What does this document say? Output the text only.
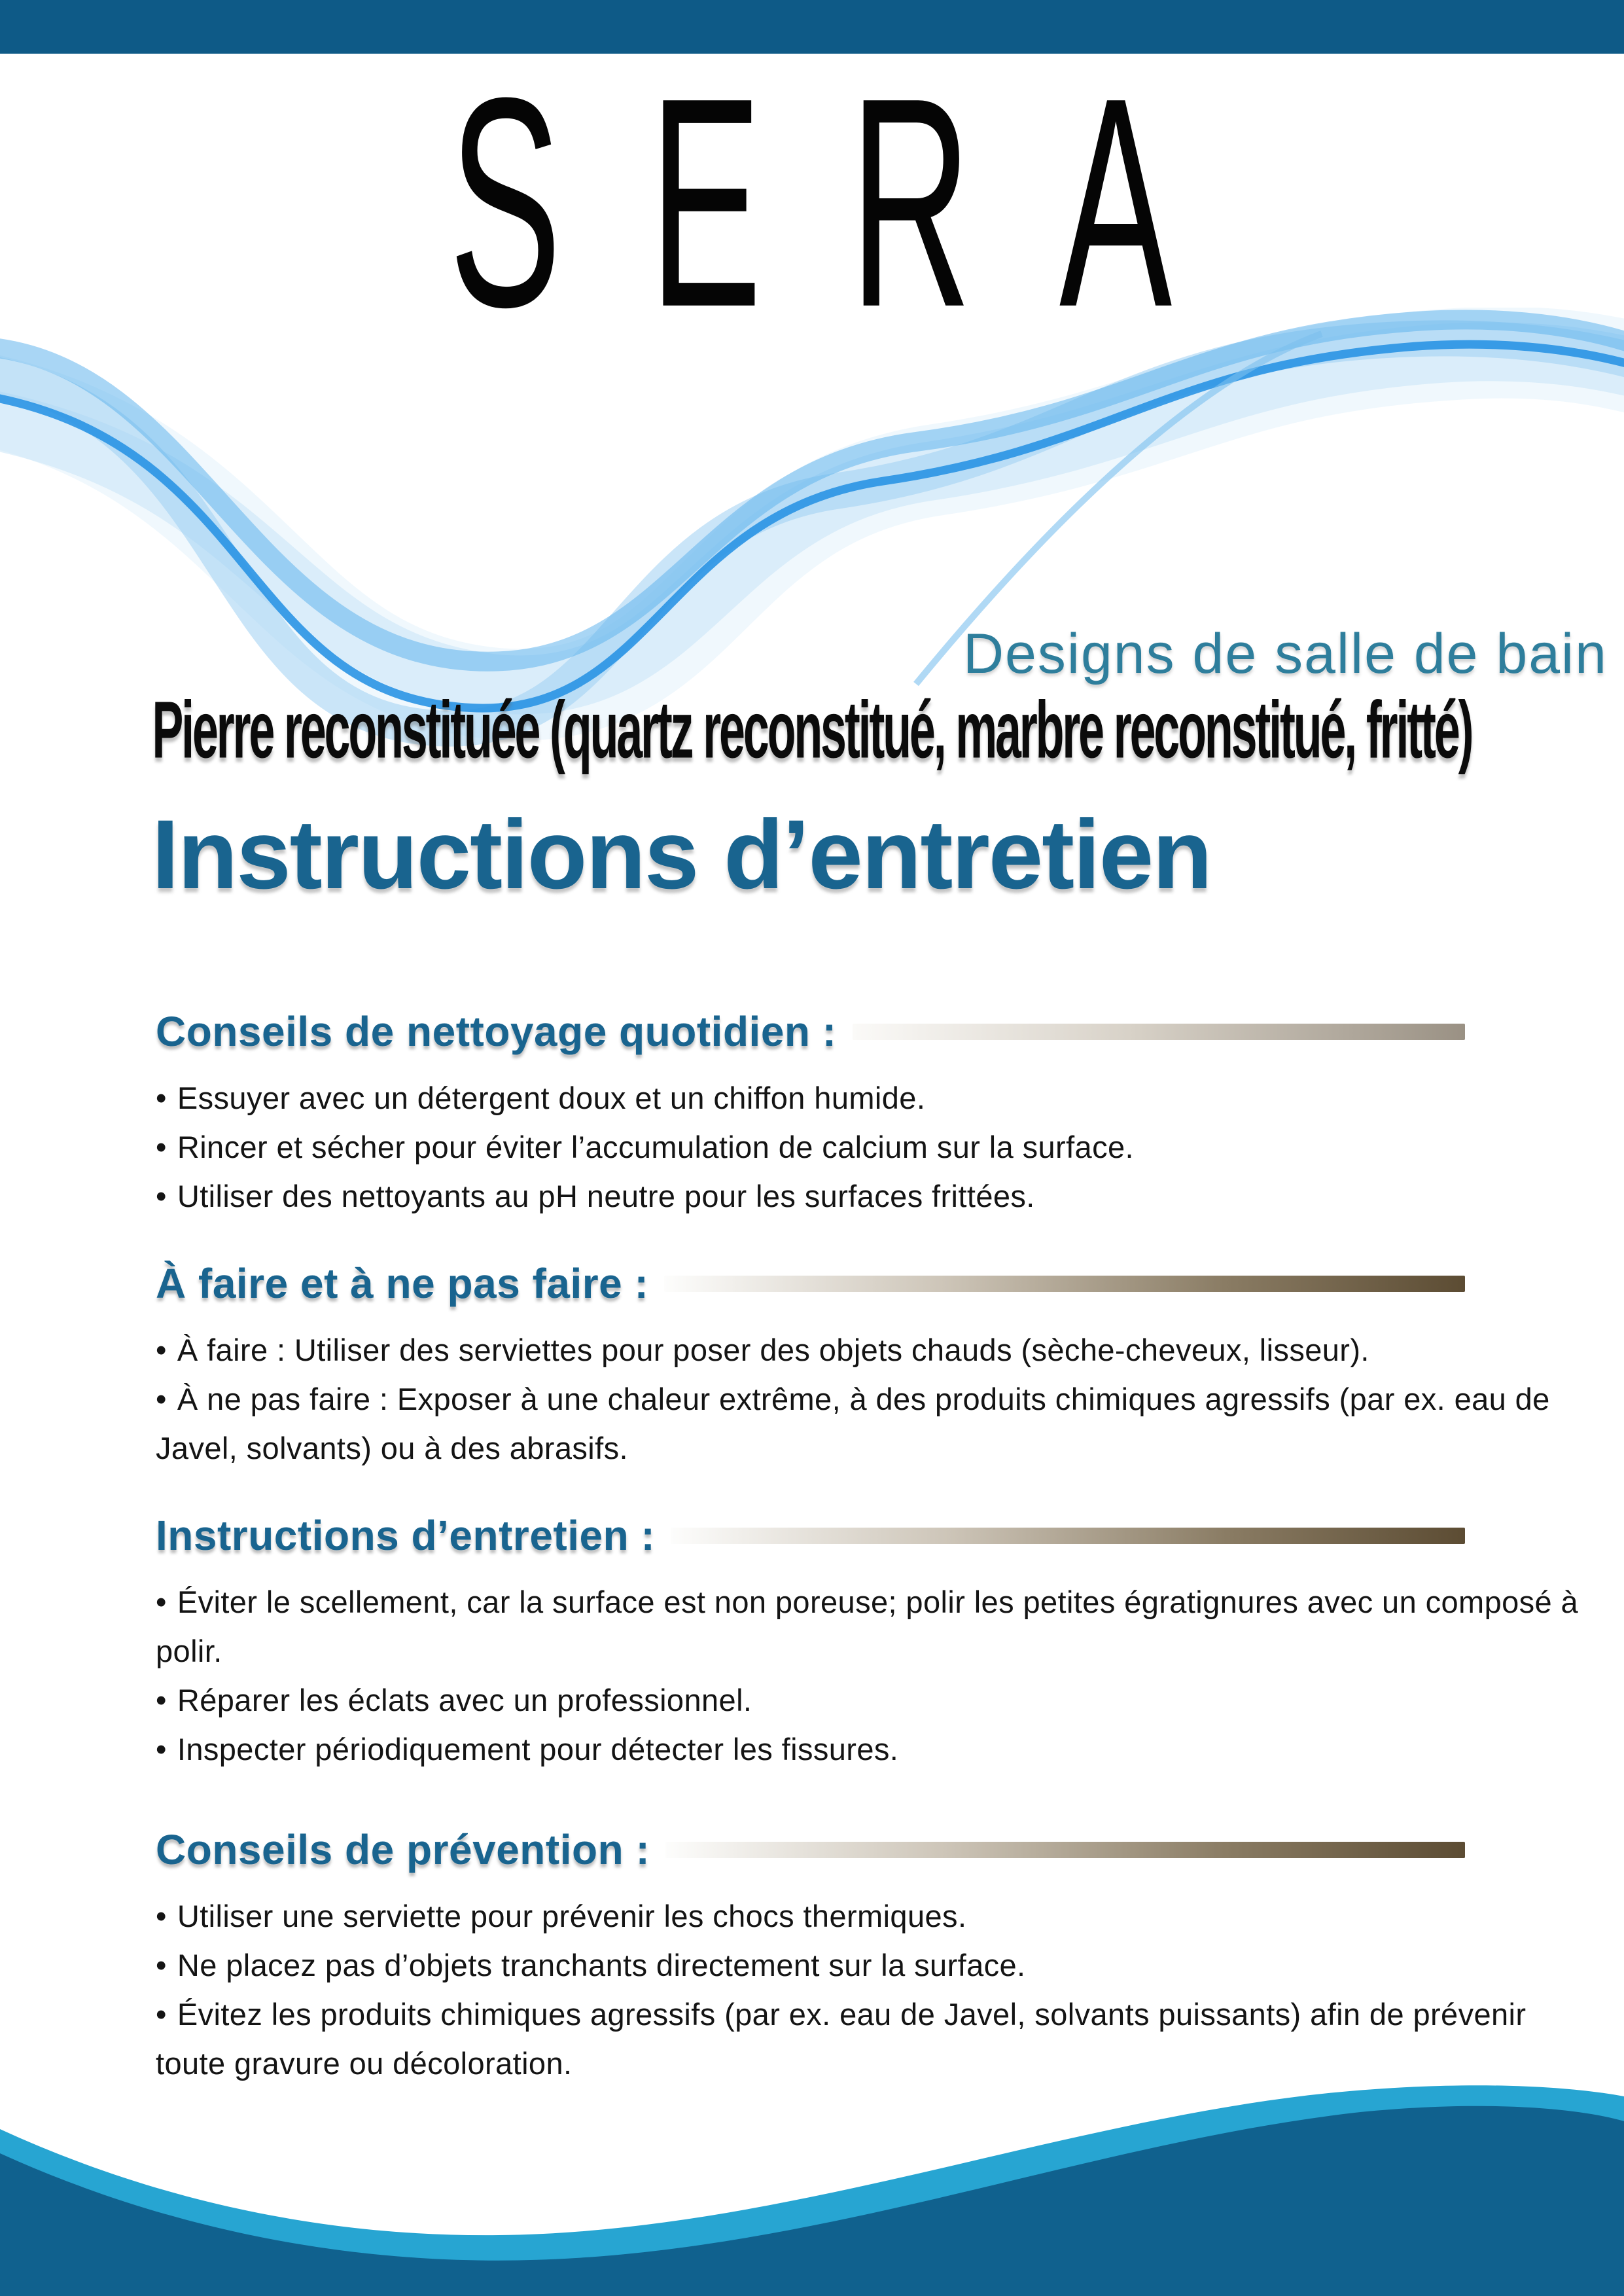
SERA
Designs de salle de bain
Pierre reconstituée (quartz reconstitué, marbre reconstitué, fritté)
Instructions d’entretien
Conseils de nettoyage quotidien :

• Essuyer avec un détergent doux et un chiffon humide.

• Rincer et sécher pour éviter l’accumulation de calcium sur la surface.

• Utiliser des nettoyants au pH neutre pour les surfaces frittées.

À faire et à ne pas faire :

• À faire : Utiliser des serviettes pour poser des objets chauds (sèche-cheveux, lisseur).

• À ne pas faire : Exposer à une chaleur extrême, à des produits chimiques agressifs (par ex. eau de Javel, solvants) ou à des abrasifs.

Instructions d’entretien :

• Éviter le scellement, car la surface est non poreuse; polir les petites égratignures avec un composé à polir.

• Réparer les éclats avec un professionnel.

• Inspecter périodiquement pour détecter les fissures.

Conseils de prévention :

• Utiliser une serviette pour prévenir les chocs thermiques.

• Ne placez pas d’objets tranchants directement sur la surface.

• Évitez les produits chimiques agressifs (par ex. eau de Javel, solvants puissants) afin de prévenir toute gravure ou décoloration.
